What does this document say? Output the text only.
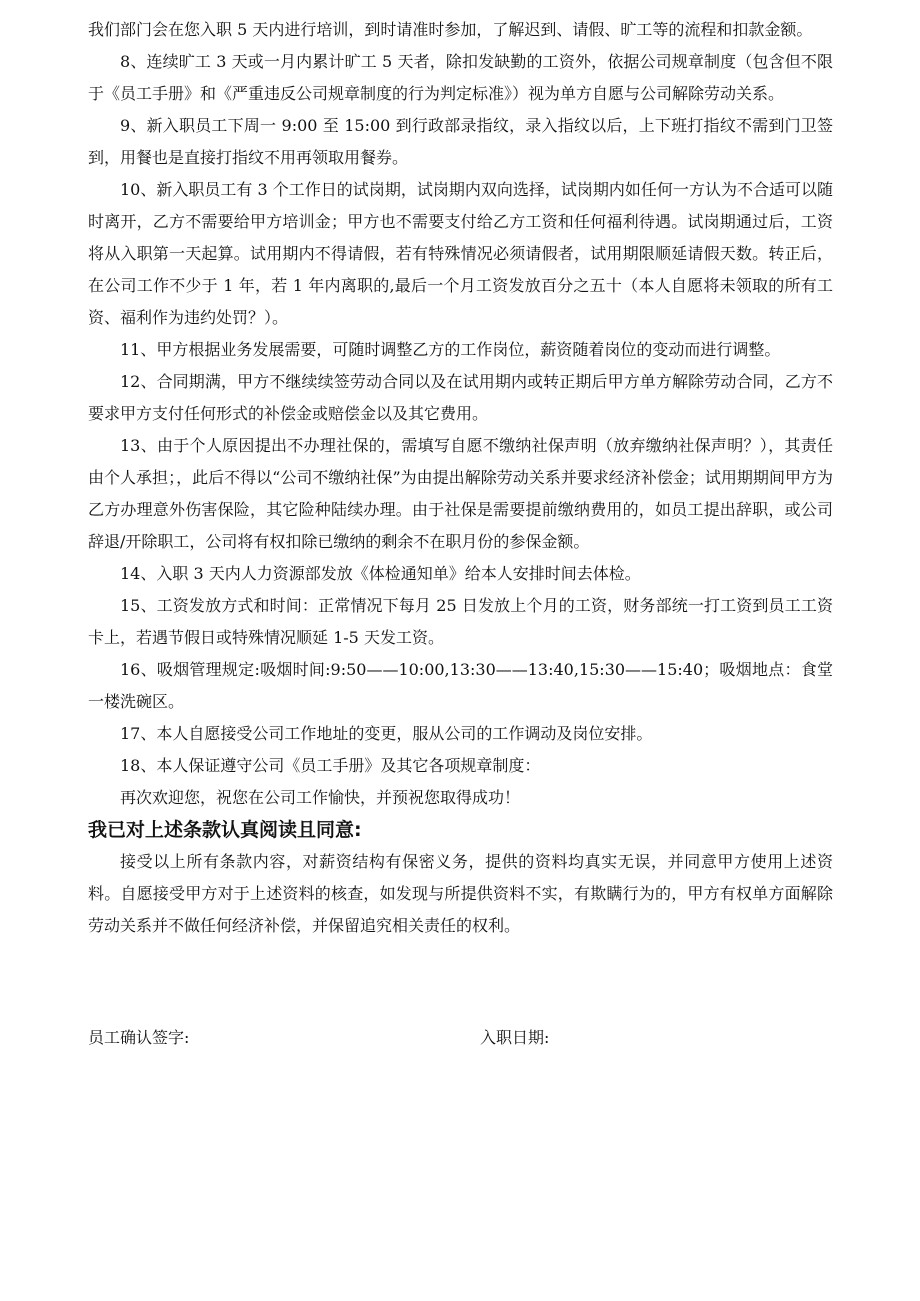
我们部门会在您入职 5 天内进行培训，到时请准时参加，了解迟到、请假、旷工等的流程和扣款金额。

8、连续旷工 3 天或一月内累计旷工 5 天者，除扣发缺勤的工资外，依据公司规章制度（包含但不限于《员工手册》和《严重违反公司规章制度的行为判定标准》）视为单方自愿与公司解除劳动关系。

9、新入职员工下周一 9:00 至 15:00 到行政部录指纹，录入指纹以后，上下班打指纹不需到门卫签到，用餐也是直接打指纹不用再领取用餐券。

10、新入职员工有 3 个工作日的试岗期，试岗期内双向选择，试岗期内如任何一方认为不合适可以随时离开，乙方不需要给甲方培训金；甲方也不需要支付给乙方工资和任何福利待遇。试岗期通过后，工资将从入职第一天起算。试用期内不得请假，若有特殊情况必须请假者，试用期限顺延请假天数。转正后，在公司工作不少于 1 年，若 1 年内离职的,最后一个月工资发放百分之五十（本人自愿将未领取的所有工资、福利作为违约处罚？）。

11、甲方根据业务发展需要，可随时调整乙方的工作岗位，薪资随着岗位的变动而进行调整。

12、合同期满，甲方不继续续签劳动合同以及在试用期内或转正期后甲方单方解除劳动合同，乙方不要求甲方支付任何形式的补偿金或赔偿金以及其它费用。

13、由于个人原因提出不办理社保的，需填写自愿不缴纳社保声明（放弃缴纳社保声明？），其责任由个人承担；，此后不得以“公司不缴纳社保”为由提出解除劳动关系并要求经济补偿金；试用期期间甲方为乙方办理意外伤害保险，其它险种陆续办理。由于社保是需要提前缴纳费用的，如员工提出辞职，或公司辞退/开除职工，公司将有权扣除已缴纳的剩余不在职月份的参保金额。

14、入职 3 天内人力资源部发放《体检通知单》给本人安排时间去体检。

15、工资发放方式和时间：正常情况下每月 25 日发放上个月的工资，财务部统一打工资到员工工资卡上，若遇节假日或特殊情况顺延 1-5 天发工资。

16、吸烟管理规定:吸烟时间:9:50——10:00,13:30——13:40,15:30——15:40；吸烟地点：食堂一楼洗碗区。

17、本人自愿接受公司工作地址的变更，服从公司的工作调动及岗位安排。

18、本人保证遵守公司《员工手册》及其它各项规章制度：

再次欢迎您，祝您在公司工作愉快，并预祝您取得成功！

我已对上述条款认真阅读且同意:

接受以上所有条款内容，对薪资结构有保密义务，提供的资料均真实无误，并同意甲方使用上述资料。自愿接受甲方对于上述资料的核查，如发现与所提供资料不实，有欺瞒行为的，甲方有权单方面解除劳动关系并不做任何经济补偿，并保留追究相关责任的权利。

员工确认签字:	入职日期:
